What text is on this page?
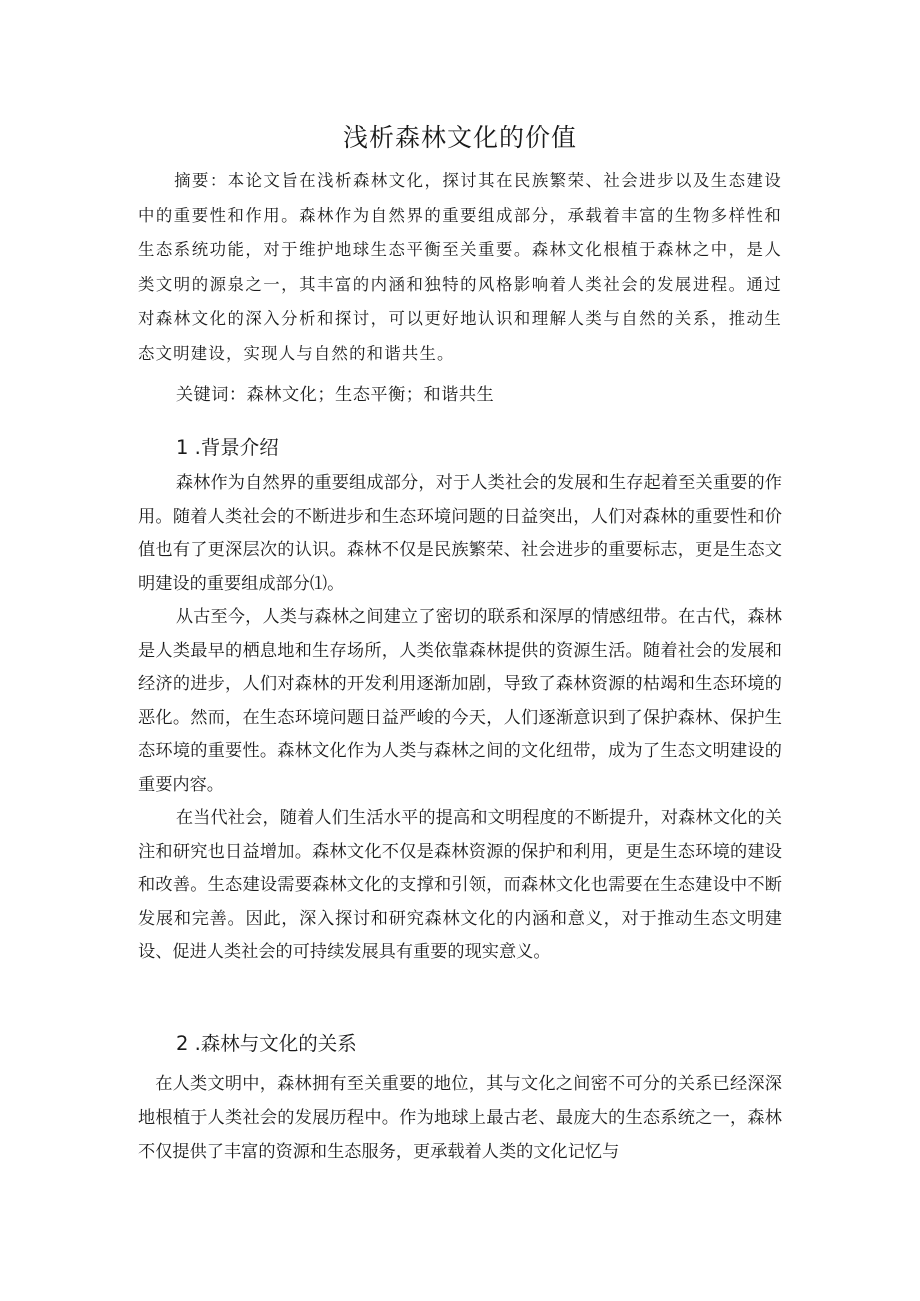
浅析森林文化的价值

摘要：本论文旨在浅析森林文化，探讨其在民族繁荣、社会进步以及生态建设中的重要性和作用。森林作为自然界的重要组成部分，承载着丰富的生物多样性和生态系统功能，对于维护地球生态平衡至关重要。森林文化根植于森林之中，是人类文明的源泉之一，其丰富的内涵和独特的风格影响着人类社会的发展进程。通过对森林文化的深入分析和探讨，可以更好地认识和理解人类与自然的关系，推动生态文明建设，实现人与自然的和谐共生。

关键词：森林文化；生态平衡；和谐共生
1 .背景介绍

森林作为自然界的重要组成部分，对于人类社会的发展和生存起着至关重要的作用。随着人类社会的不断进步和生态环境问题的日益突出，人们对森林的重要性和价值也有了更深层次的认识。森林不仅是民族繁荣、社会进步的重要标志，更是生态文明建设的重要组成部分⑴。

从古至今，人类与森林之间建立了密切的联系和深厚的情感纽带。在古代，森林是人类最早的栖息地和生存场所，人类依靠森林提供的资源生活。随着社会的发展和经济的进步，人们对森林的开发利用逐渐加剧，导致了森林资源的枯竭和生态环境的恶化。然而，在生态环境问题日益严峻的今天，人们逐渐意识到了保护森林、保护生态环境的重要性。森林文化作为人类与森林之间的文化纽带，成为了生态文明建设的重要内容。

在当代社会，随着人们生活水平的提高和文明程度的不断提升，对森林文化的关注和研究也日益增加。森林文化不仅是森林资源的保护和利用，更是生态环境的建设和改善。生态建设需要森林文化的支撑和引领，而森林文化也需要在生态建设中不断发展和完善。因此，深入探讨和研究森林文化的内涵和意义，对于推动生态文明建设、促进人类社会的可持续发展具有重要的现实意义。

2 .森林与文化的关系

在人类文明中，森林拥有至关重要的地位，其与文化之间密不可分的关系已经深深地根植于人类社会的发展历程中。作为地球上最古老、最庞大的生态系统之一，森林不仅提供了丰富的资源和生态服务，更承载着人类的文化记忆与
